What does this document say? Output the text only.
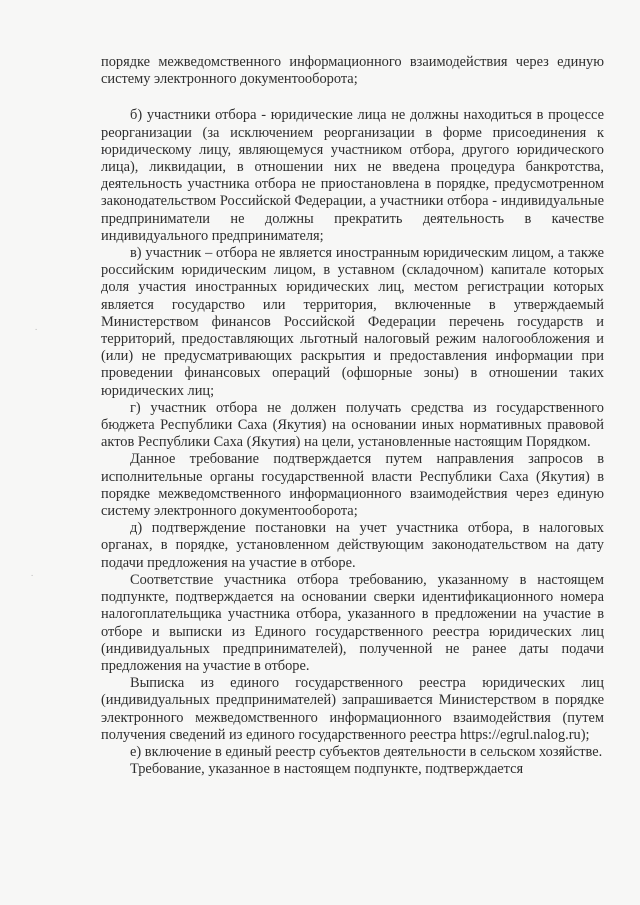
·
·

порядке межведомственного информационного взаимодействия через единую систему электронного документооборота;

б) участники отбора - юридические лица не должны находиться в процессе реорганизации (за исключением реорганизации в форме присоединения к юридическому лицу, являющемуся участником отбора, другого юридического лица), ликвидации, в отношении них не введена процедура банкротства, деятельность участника отбора не приостановлена в порядке, предусмотренном законодательством Российской Федерации, а участники отбора - индивидуальные предприниматели не должны прекратить деятельность в качестве индивидуального предпринимателя;

в) участник – отбора не является иностранным юридическим лицом, а также российским юридическим лицом, в уставном (складочном) капитале которых доля участия иностранных юридических лиц, местом регистрации которых является государство или территория, включенные в утверждаемый Министерством финансов Российской Федерации перечень государств и территорий, предоставляющих льготный налоговый режим налогообложения и (или) не предусматривающих раскрытия и предоставления информации при проведении финансовых операций (офшорные зоны) в отношении таких юридических лиц;

г) участник отбора не должен получать средства из государственного бюджета Республики Саха (Якутия) на основании иных нормативных правовой актов Республики Саха (Якутия) на цели, установленные настоящим Порядком.

Данное требование подтверждается путем направления запросов в исполнительные органы государственной власти Республики Саха (Якутия) в порядке межведомственного информационного взаимодействия через единую систему электронного документооборота;

д) подтверждение постановки на учет участника отбора, в налоговых органах, в порядке, установленном действующим законодательством на дату подачи предложения на участие в отборе.

Соответствие участника отбора требованию, указанному в настоящем подпункте, подтверждается на основании сверки идентификационного номера налогоплательщика участника отбора, указанного в предложении на участие в отборе и выписки из Единого государственного реестра юридических лиц (индивидуальных предпринимателей), полученной не ранее даты подачи предложения на участие в отборе.

Выписка из единого государственного реестра юридических лиц (индивидуальных предпринимателей) запрашивается Министерством в порядке электронного межведомственного информационного взаимодействия (путем получения сведений из единого государственного реестра https://egrul.nalog.ru);

е) включение в единый реестр субъектов деятельности в сельском хозяйстве.

Требование, указанное в настоящем подпункте, подтверждается
